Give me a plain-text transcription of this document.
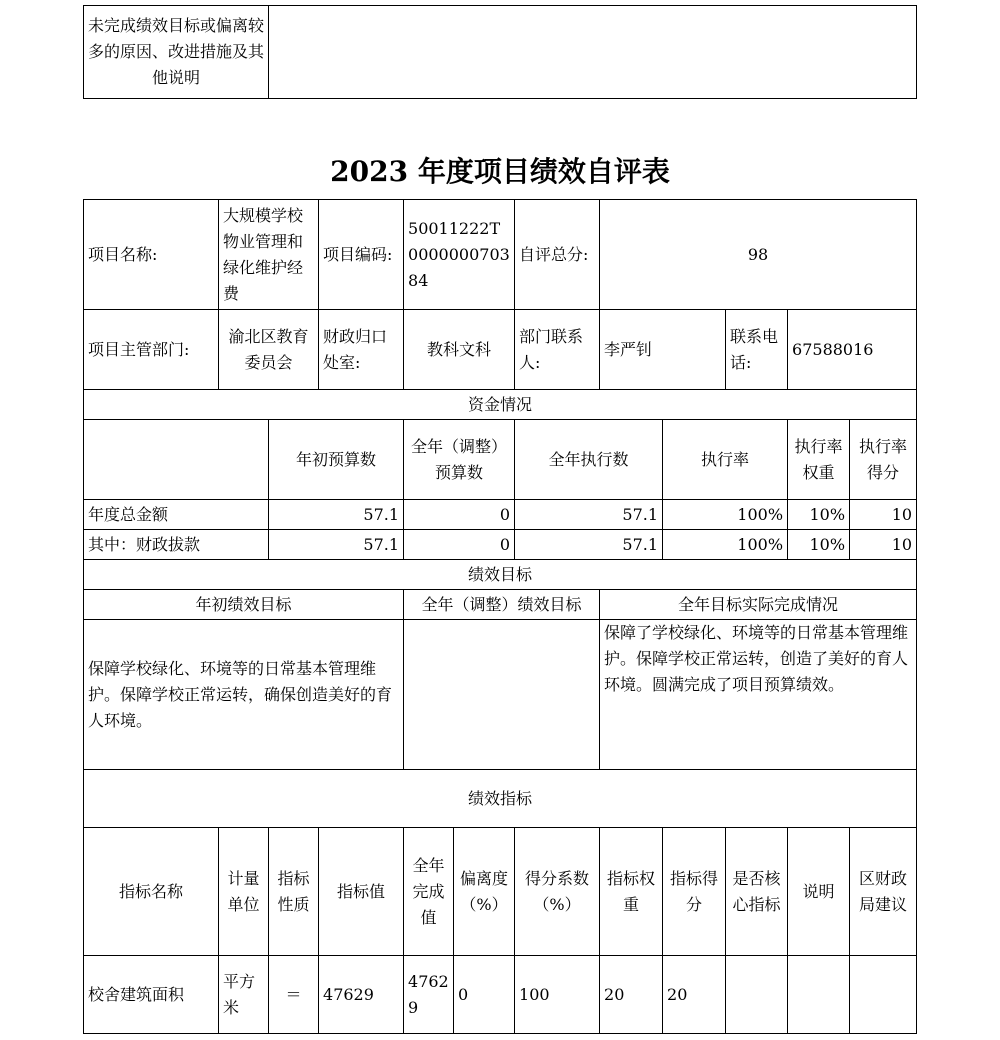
未完成绩效目标或偏离较多的原因、改进措施及其他说明	
2023 年度项目绩效自评表
项目名称:	大规模学校物业管理和绿化维护经费		项目编码:	50011222T000000070384		自评总分:	98				
项目主管部门:	渝北区教育委员会		财政归口处室:	教科文科		部门联系人:	李严钊		联系电话:	67588016	
资金情况											
		年初预算数		全年（调整）预算数		全年执行数		执行率		执行率权重	执行率得分
年度总金额		57.1		0		57.1		100%		10%	10
其中：财政拔款		57.1		0		57.1		100%		10%	10
绩效目标											
年初绩效目标				全年（调整）绩效目标			全年目标实际完成情况				
保障学校绿化、环境等的日常基本管理维护。保障学校正常运转，确保创造美好的育人环境。							保障了学校绿化、环境等的日常基本管理维护。保障学校正常运转，创造了美好的育人环境。圆满完成了项目预算绩效。				
绩效指标											
指标名称	计量单位	指标性质	指标值	全年完成值	偏离度（%）	得分系数（%）	指标权重	指标得分	是否核心指标	说明	区财政局建议
校舍建筑面积	平方米	＝	47629	47629	0	100	20	20			
